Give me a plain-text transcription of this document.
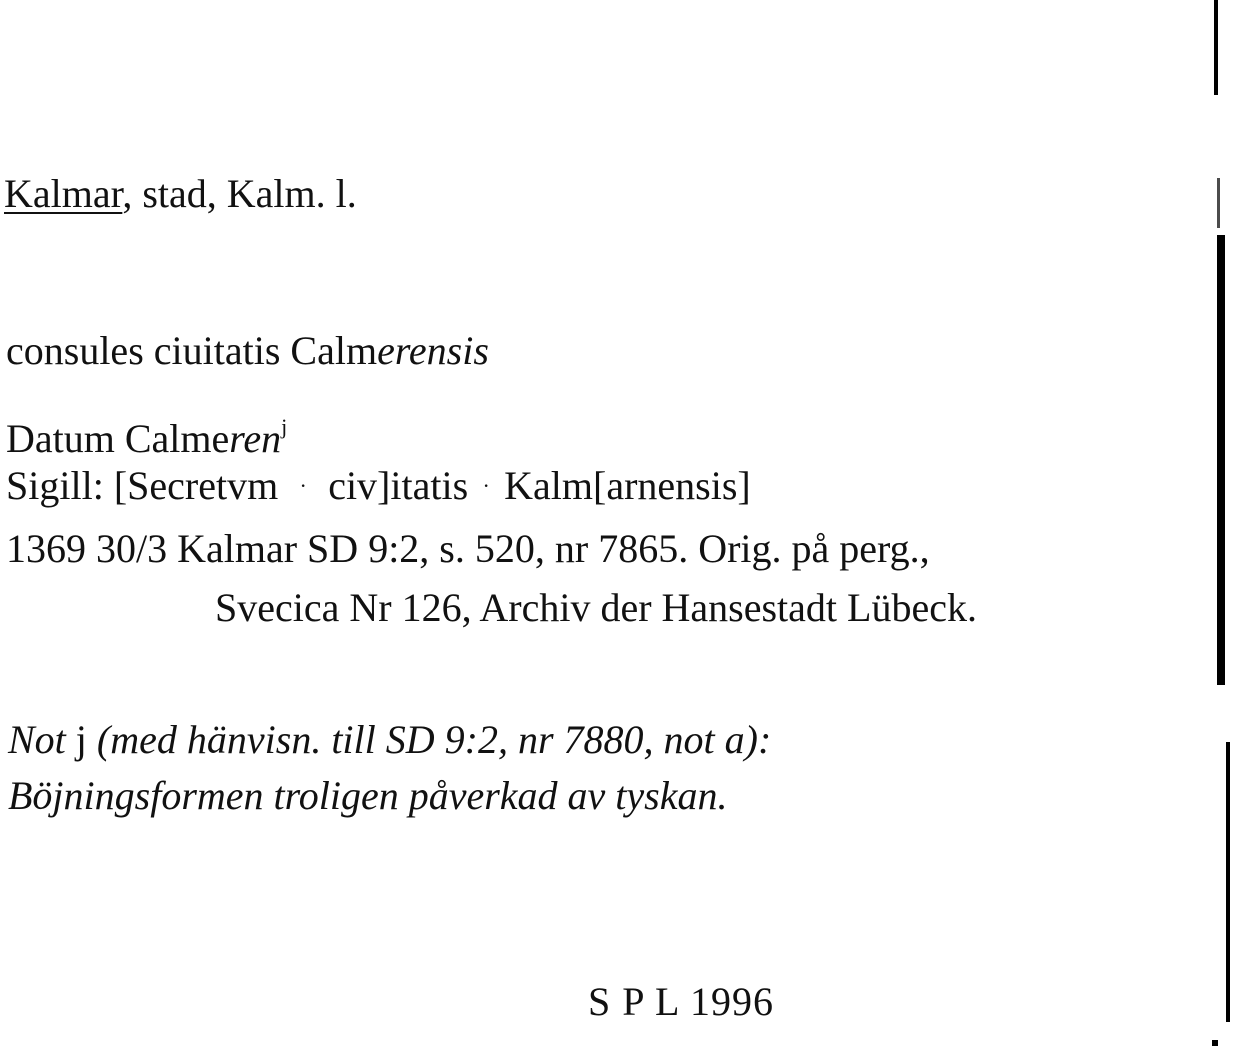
Kalmar, stad, Kalm. l.
consules ciuitatis Calmerensis
Datum Calmeren$^j$
Sigill: [Secretvm · civ]itatis · Kalm[arnensis]
1369 30/3 Kalmar SD 9:2, s. 520, nr 7865. Orig. på perg.,
Svecica Nr 126, Archiv der Hansestadt Lübeck.
Not j (med hänvisn. till SD 9:2, nr 7880, not a):
Böjningsformen troligen påverkad av tyskan.
S P L 1996
